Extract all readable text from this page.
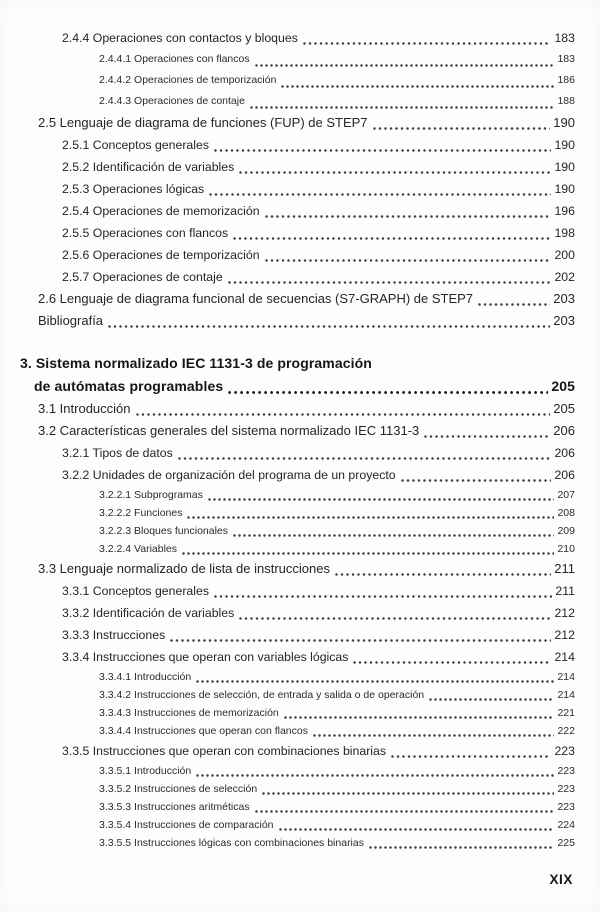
2.4.4 Operaciones con contactos y bloques	183
2.4.4.1 Operaciones con flancos	183
2.4.4.2 Operaciones de temporización	186
2.4.4.3 Operaciones de contaje	188
2.5 Lenguaje de diagrama de funciones (FUP) de STEP7	190
2.5.1 Conceptos generales	190
2.5.2 Identificación de variables	190
2.5.3 Operaciones lógicas	190
2.5.4 Operaciones de memorización	196
2.5.5 Operaciones con flancos	198
2.5.6 Operaciones de temporización	200
2.5.7 Operaciones de contaje	202
2.6 Lenguaje de diagrama funcional de secuencias (S7-GRAPH) de STEP7	203
Bibliografía	203
3. Sistema normalizado IEC 1131-3 de programación
de autómatas programables	205
3.1 Introducción	205
3.2 Características generales del sistema normalizado IEC 1131-3	206
3.2.1 Tipos de datos	206
3.2.2 Unidades de organización del programa de un proyecto	206
3.2.2.1 Subprogramas	207
3.2.2.2 Funciones	208
3.2.2.3 Bloques funcionales	209
3.2.2.4 Variables	210
3.3 Lenguaje normalizado de lista de instrucciones	211
3.3.1 Conceptos generales	211
3.3.2 Identificación de variables	212
3.3.3 Instrucciones	212
3.3.4 Instrucciones que operan con variables lógicas	214
3.3.4.1 Introducción	214
3.3.4.2 Instrucciones de selección, de entrada y salida o de operación	214
3.3.4.3 Instrucciones de memorización	221
3.3.4.4 Instrucciones que operan con flancos	222
3.3.5 Instrucciones que operan con combinaciones binarias	223
3.3.5.1 Introducción	223
3.3.5.2 Instrucciones de selección	223
3.3.5.3 Instrucciones aritméticas	223
3.3.5.4 Instrucciones de comparación	224
3.3.5.5 Instrucciones lógicas con combinaciones binarias	225
XIX
